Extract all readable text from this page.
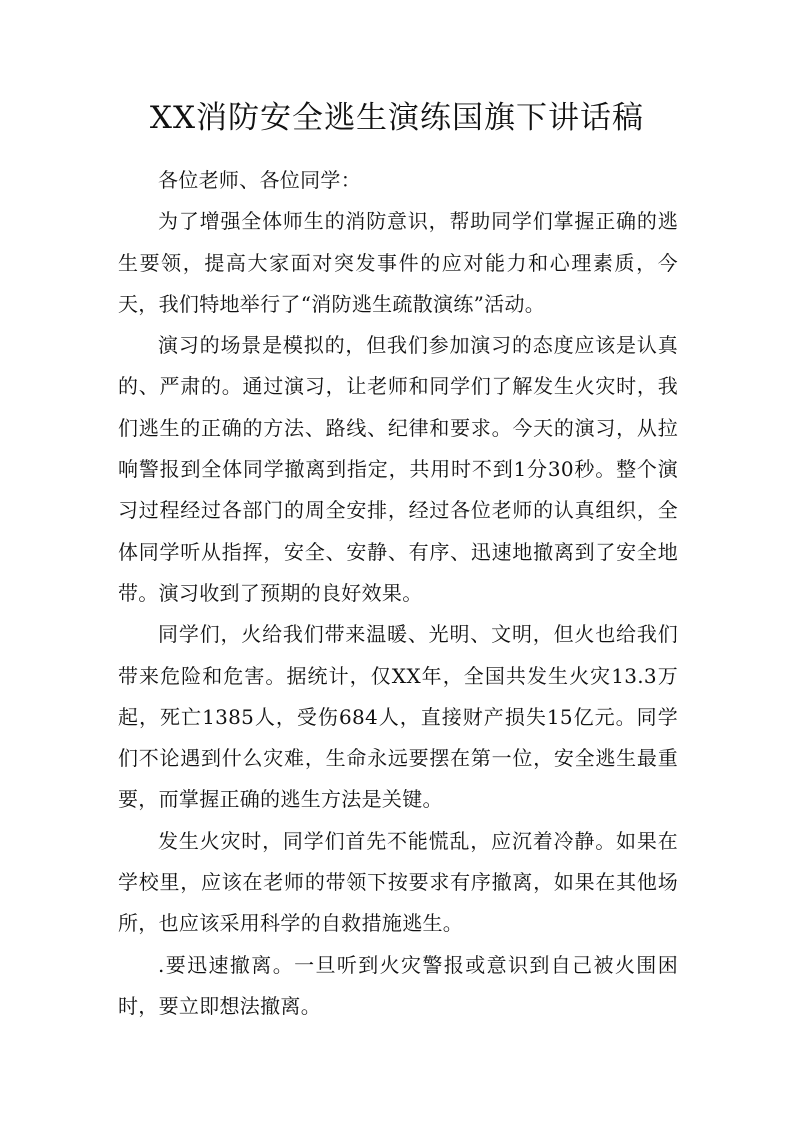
XX消防安全逃生演练国旗下讲话稿

各位老师、各位同学：

为了增强全体师生的消防意识，帮助同学们掌握正确的逃生要领，提高大家面对突发事件的应对能力和心理素质，今天，我们特地举行了“消防逃生疏散演练”活动。

演习的场景是模拟的，但我们参加演习的态度应该是认真的、严肃的。通过演习，让老师和同学们了解发生火灾时，我们逃生的正确的方法、路线、纪律和要求。今天的演习，从拉响警报到全体同学撤离到指定，共用时不到1分30秒。整个演习过程经过各部门的周全安排，经过各位老师的认真组织，全体同学听从指挥，安全、安静、有序、迅速地撤离到了安全地带。演习收到了预期的良好效果。

同学们，火给我们带来温暖、光明、文明，但火也给我们带来危险和危害。据统计，仅XX年，全国共发生火灾13.3万起，死亡1385人，受伤684人，直接财产损失15亿元。同学们不论遇到什么灾难，生命永远要摆在第一位，安全逃生最重要，而掌握正确的逃生方法是关键。

发生火灾时，同学们首先不能慌乱，应沉着冷静。如果在学校里，应该在老师的带领下按要求有序撤离，如果在其他场所，也应该采用科学的自救措施逃生。

.要迅速撤离。一旦听到火灾警报或意识到自己被火围困时，要立即想法撤离。
